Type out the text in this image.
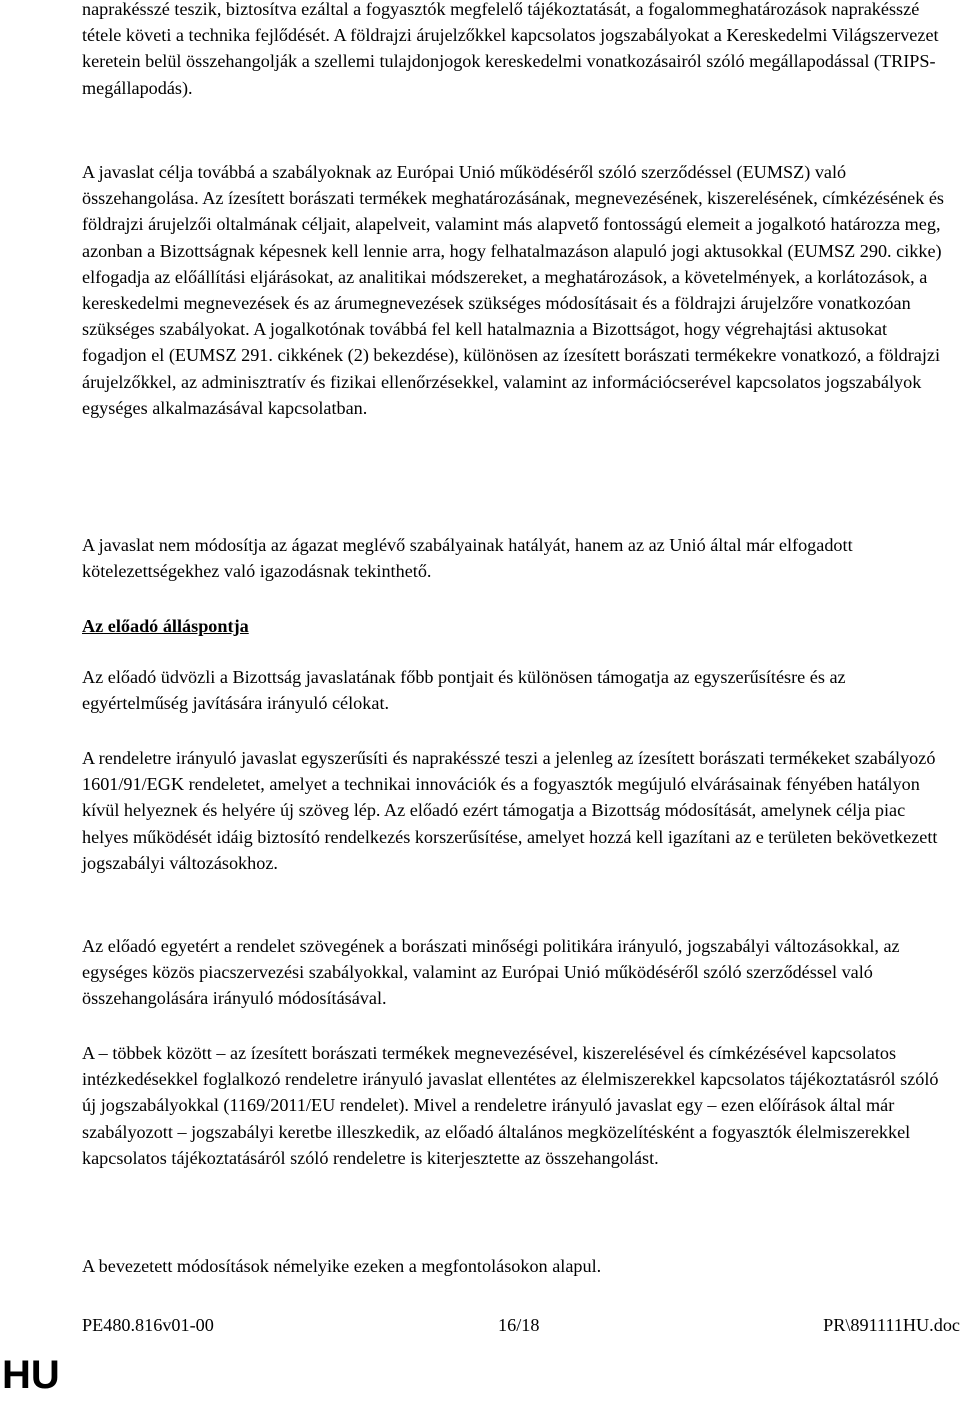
naprakésszé teszik, biztosítva ezáltal a fogyasztók megfelelő tájékoztatását, a fogalommeghatározások naprakésszé tétele követi a technika fejlődését. A földrajzi árujelzőkkel kapcsolatos jogszabályokat a Kereskedelmi Világszervezet keretein belül összehangolják a szellemi tulajdonjogok kereskedelmi vonatkozásairól szóló megállapodással (TRIPS-megállapodás).

A javaslat célja továbbá a szabályoknak az Európai Unió működéséről szóló szerződéssel (EUMSZ) való összehangolása. Az ízesített borászati termékek meghatározásának, megnevezésének, kiszerelésének, címkézésének és földrajzi árujelzői oltalmának céljait, alapelveit, valamint más alapvető fontosságú elemeit a jogalkotó határozza meg, azonban a Bizottságnak képesnek kell lennie arra, hogy felhatalmazáson alapuló jogi aktusokkal (EUMSZ 290. cikke) elfogadja az előállítási eljárásokat, az analitikai módszereket, a meghatározások, a követelmények, a korlátozások, a kereskedelmi megnevezések és az árumegnevezések szükséges módosításait és a földrajzi árujelzőre vonatkozóan szükséges szabályokat. A jogalkotónak továbbá fel kell hatalmaznia a Bizottságot, hogy végrehajtási aktusokat fogadjon el (EUMSZ 291. cikkének (2) bekezdése), különösen az ízesített borászati termékekre vonatkozó, a földrajzi árujelzőkkel, az adminisztratív és fizikai ellenőrzésekkel, valamint az információcserével kapcsolatos jogszabályok egységes alkalmazásával kapcsolatban.

A javaslat nem módosítja az ágazat meglévő szabályainak hatályát, hanem az az Unió által már elfogadott kötelezettségekhez való igazodásnak tekinthető.

Az előadó álláspontja

Az előadó üdvözli a Bizottság javaslatának főbb pontjait és különösen támogatja az egyszerűsítésre és az egyértelműség javítására irányuló célokat.

A rendeletre irányuló javaslat egyszerűsíti és naprakésszé teszi a jelenleg az ízesített borászati termékeket szabályozó 1601/91/EGK rendeletet, amelyet a technikai innovációk és a fogyasztók megújuló elvárásainak fényében hatályon kívül helyeznek és helyére új szöveg lép. Az előadó ezért támogatja a Bizottság módosítását, amelynek célja piac helyes működését idáig biztosító rendelkezés korszerűsítése, amelyet hozzá kell igazítani az e területen bekövetkezett jogszabályi változásokhoz.

Az előadó egyetért a rendelet szövegének a borászati minőségi politikára irányuló, jogszabályi változásokkal, az egységes közös piacszervezési szabályokkal, valamint az Európai Unió működéséről szóló szerződéssel való összehangolására irányuló módosításával.

A – többek között – az ízesített borászati termékek megnevezésével, kiszerelésével és címkézésével kapcsolatos intézkedésekkel foglalkozó rendeletre irányuló javaslat ellentétes az élelmiszerekkel kapcsolatos tájékoztatásról szóló új jogszabályokkal (1169/2011/EU rendelet). Mivel a rendeletre irányuló javaslat egy – ezen előírások által már szabályozott – jogszabályi keretbe illeszkedik, az előadó általános megközelítésként a fogyasztók élelmiszerekkel kapcsolatos tájékoztatásáról szóló rendeletre is kiterjesztette az összehangolást.

A bevezetett módosítások némelyike ezeken a megfontolásokon alapul.

PE480.816v01-00	16/18	PR\891111HU.doc
HU
